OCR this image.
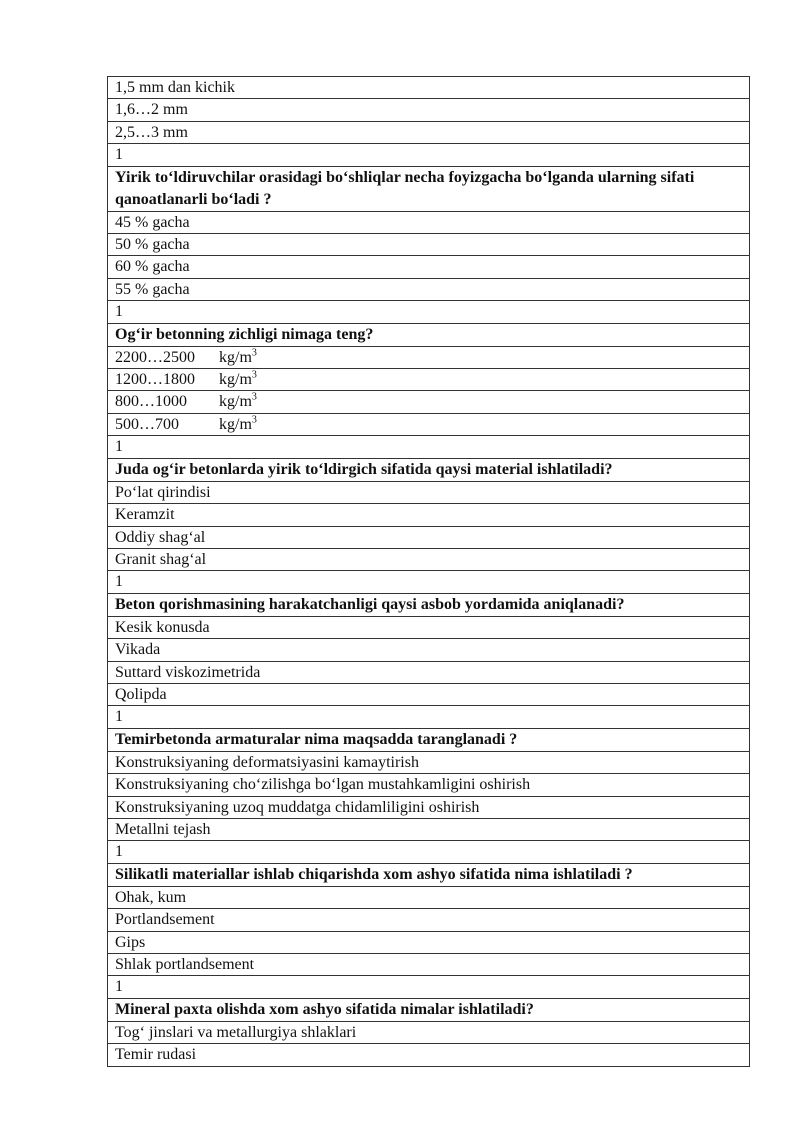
1,5 mm dan kichik
1,6…2 mm
2,5…3 mm
1
Yirik to‘ldiruvchilar orasidagi bo‘shliqlar necha foyizgacha bo‘lganda ularning sifati qanoatlanarli bo‘ladi ?
45 % gacha
50 % gacha
60 % gacha
55 % gacha
1
Og‘ir betonning zichligi nimaga teng?
2200…2500 $kg/m^3$
1200…1800 $kg/m^3$
800…1000 $kg/m^3$
500…700	$kg/m^3$
1
Juda og‘ir betonlarda yirik to‘ldirgich sifatida qaysi material ishlatiladi?
Po‘lat qirindisi
Keramzit
Oddiy shag‘al
Granit shag‘al
1
Beton qorishmasining harakatchanligi qaysi asbob yordamida aniqlanadi?
Kesik konusda
Vikada
Suttard viskozimetrida
Qolipda
1
Temirbetonda armaturalar nima maqsadda taranglanadi ?
Konstruksiyaning deformatsiyasini kamaytirish
Konstruksiyaning cho‘zilishga bo‘lgan mustahkamligini oshirish
Konstruksiyaning uzoq muddatga chidamliligini oshirish
Metallni tejash
1
Silikatli materiallar ishlab chiqarishda xom ashyo sifatida nima ishlatiladi ?
Ohak, kum
Portlandsement
Gips
Shlak portlandsement
1
Mineral paxta olishda xom ashyo sifatida nimalar ishlatiladi?
Tog‘ jinslari va metallurgiya shlaklari
Temir rudasi
